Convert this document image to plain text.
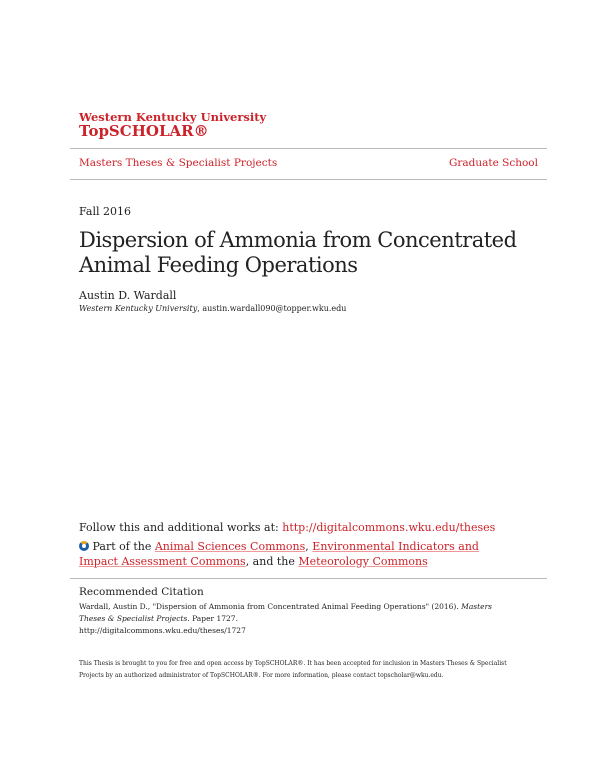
Western Kentucky University
TopSCHOLAR®
Masters Theses & Specialist Projects	Graduate School
Fall 2016
Dispersion of Ammonia from Concentrated
Animal Feeding Operations
Austin D. Wardall
Western Kentucky University, austin.wardall090@topper.wku.edu
Follow this and additional works at: http://digitalcommons.wku.edu/theses
Part of the Animal Sciences Commons, Environmental Indicators and Impact Assessment Commons, and the Meteorology Commons
Recommended Citation
Wardall, Austin D., "Dispersion of Ammonia from Concentrated Animal Feeding Operations" (2016). Masters Theses & Specialist Projects. Paper 1727.
http://digitalcommons.wku.edu/theses/1727
This Thesis is brought to you for free and open access by TopSCHOLAR®. It has been accepted for inclusion in Masters Theses & Specialist Projects by an authorized administrator of TopSCHOLAR®. For more information, please contact topscholar@wku.edu.
